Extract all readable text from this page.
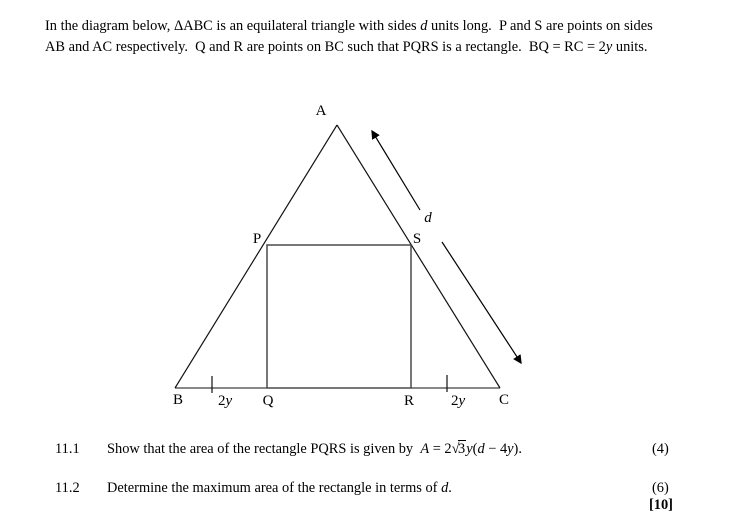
In the diagram below, ΔABC is an equilateral triangle with sides d units long.  P and S are points on sides
AB and AC respectively.  Q and R are points on BC such that PQRS is a rectangle.  BQ = RC = 2y units.
A
B	C
P	S
Q	R
d
2y	2y
11.1 Show that the area of the rectangle PQRS is given by  A = 2√3y(d − 4y).	(4)
11.2 Determine the maximum area of the rectangle in terms of d.	(6)
[10]
